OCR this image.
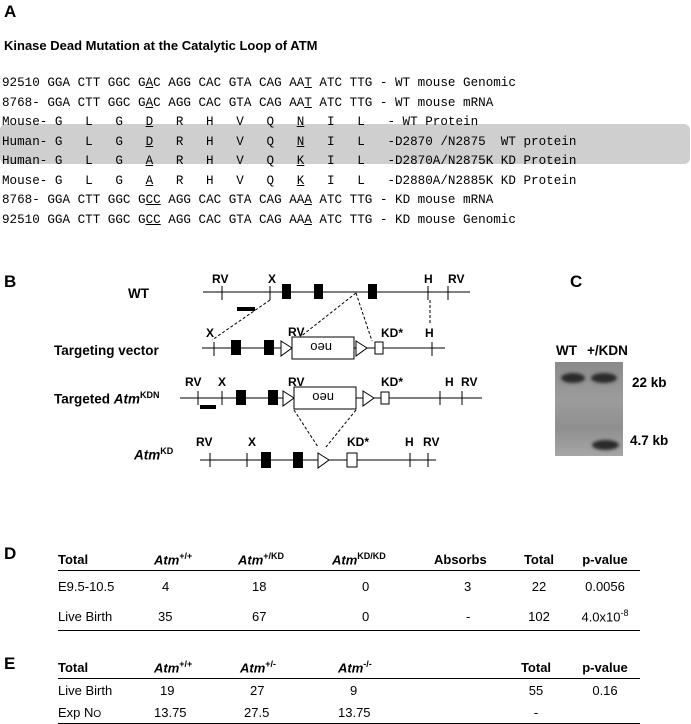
A
Kinase Dead Mutation at the Catalytic Loop of ATM
92510 GGA CTT GGC GAC AGG CAC GTA CAG AAT ATC TTG - WT mouse Genomic
8768- GGA CTT GGC GAC AGG CAC GTA CAG AAT ATC TTG - WT mouse mRNA
Mouse- G   L   G   D   R   H   V   Q   N   I   L   - WT Protein
Human- G   L   G   D   R   H   V   Q   N   I   L   -D2870 /N2875  WT protein
Human- G   L   G   A   R   H   V   Q   K   I   L   -D2870A/N2875K KD Protein
Mouse- G   L   G   A   R   H   V   Q   K   I   L   -D2880A/N2885K KD Protein
8768- GGA CTT GGC GCC AGG CAC GTA CAG AAA ATC TTG - KD mouse mRNA
92510 GGA CTT GGC GCC AGG CAC GTA CAG AAA ATC TTG - KD mouse Genomic
B
WT
Targeting vector
Targeted Atm$^{KDN}$
Atm$^{KD}$
RV	X	H RV
neo
X	RV	KD* H
neo
RV X	RV	KD*	H RV
RV	X	KD*	H RV
C
WT +/KDN
22 kb
4.7 kb
D	Total	Atm+/+	Atm$^{+/KD}$	Atm$^{KD/KD}$	Absorbs	Total	p-value
E9.5-10.5	4	18	0	3	22	0.0056
Live Birth	35	67	0	-	102	$4.0x10^{-8}$
E	Total	Atm+/+	Atm+/-	Atm-/-	Total	p-value
Live Birth	19	27	9	55	0.16
Exp NO	13.75	27.5	13.75	-	
